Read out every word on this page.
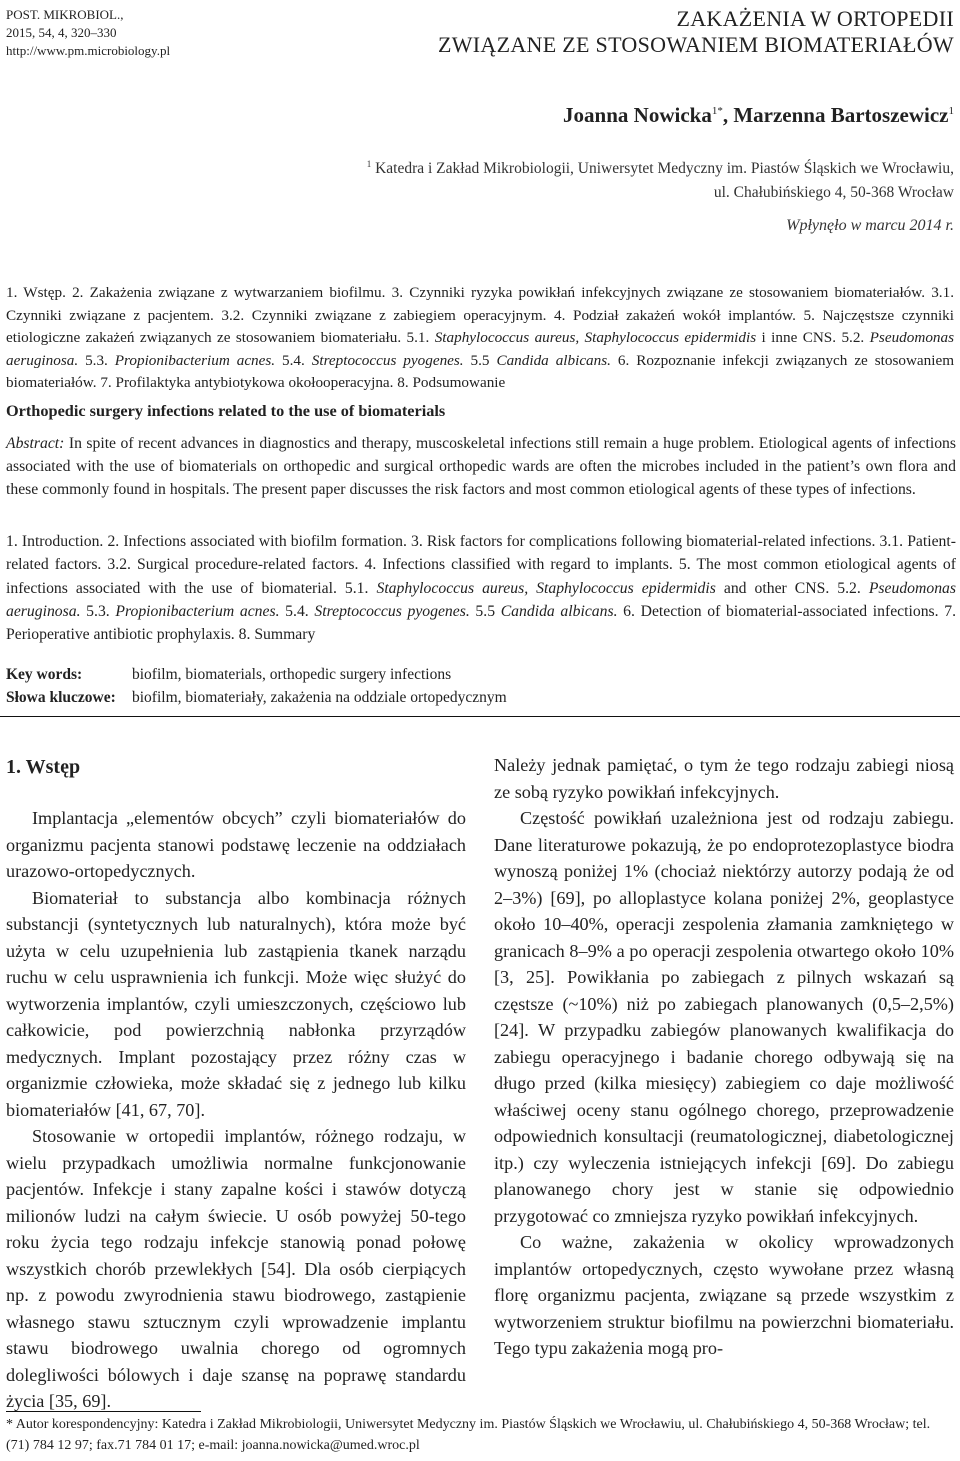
POST. MIKROBIOL.,
2015, 54, 4, 320–330
http://www.pm.microbiology.pl
ZAKAŻENIA W ORTOPEDII
ZWIĄZANE ZE STOSOWANIEM BIOMATERIAŁÓW
Joanna Nowicka$^{1*}$, Marzenna Bartoszewicz$^1$
$^1$ Katedra i Zakład Mikrobiologii, Uniwersytet Medyczny im. Piastów Śląskich we Wrocławiu,
ul. Chałubińskiego 4, 50-368 Wrocław
Wpłynęło w marcu 2014 r.
1. Wstęp. 2. Zakażenia związane z wytwarzaniem biofilmu. 3. Czynniki ryzyka powikłań infekcyjnych związane ze stosowaniem biomateriałów. 3.1. Czynniki związane z pacjentem. 3.2. Czynniki związane z zabiegiem operacyjnym. 4. Podział zakażeń wokół implantów. 5. Najczęstsze czynniki etiologiczne zakażeń związanych ze stosowaniem biomateriału. 5.1. Staphylococcus aureus, Staphylococcus epidermidis i inne CNS. 5.2. Pseudomonas aeruginosa. 5.3. Propionibacterium acnes. 5.4. Streptococcus pyogenes. 5.5 Candida albicans. 6. Rozpoznanie infekcji związanych ze stosowaniem biomateriałów. 7. Profilaktyka antybiotykowa okołooperacyjna. 8. Podsumowanie
Orthopedic surgery infections related to the use of biomaterials
Abstract: In spite of recent advances in diagnostics and therapy, muscoskeletal infections still remain a huge problem. Etiological agents of infections associated with the use of biomaterials on orthopedic and surgical orthopedic wards are often the microbes included in the patient’s own flora and these commonly found in hospitals. The present paper discusses the risk factors and most common etiological agents of these types of infections.
1. Introduction. 2. Infections associated with biofilm formation. 3. Risk factors for complications following biomaterial-related infections. 3.1. Patient-related factors. 3.2. Surgical procedure-related factors. 4. Infections classified with regard to implants. 5. The most common etiological agents of infections associated with the use of biomaterial. 5.1. Staphylococcus aureus, Staphylococcus epidermidis and other CNS. 5.2. Pseudomonas aeruginosa. 5.3. Propionibacterium acnes. 5.4. Streptococcus pyogenes. 5.5 Candida albicans. 6. Detection of biomaterial-associated infections. 7. Perioperative antibiotic prophylaxis. 8. Summary
Key words:	biofilm, biomaterials, orthopedic surgery infections
Słowa kluczowe:	biofilm, biomateriały, zakażenia na oddziale ortopedycznym
1. Wstęp

Implantacja „elementów obcych” czyli biomateriałów do organizmu pacjenta stanowi podstawę leczenie na oddziałach urazowo-ortopedycznych.

Biomateriał to substancja albo kombinacja różnych substancji (syntetycznych lub naturalnych), która może być użyta w celu uzupełnienia lub zastąpienia tkanek narządu ruchu w celu usprawnienia ich funkcji. Może więc służyć do wytworzenia implantów, czyli umieszczonych, częściowo lub całkowicie, pod powierzchnią nabłonka przyrządów medycznych. Implant pozostający przez różny czas w organizmie człowieka, może składać się z jednego lub kilku biomateriałów [41, 67, 70].

Stosowanie w ortopedii implantów, różnego rodzaju, w wielu przypadkach umożliwia normalne funkcjonowanie pacjentów. Infekcje i stany zapalne kości i stawów dotyczą milionów ludzi na całym świecie. U osób powyżej 50-tego roku życia tego rodzaju infekcje stanowią ponad połowę wszystkich chorób przewlekłych [54]. Dla osób cierpiących np. z powodu zwyrodnienia stawu biodrowego, zastąpienie własnego stawu sztucznym czyli wprowadzenie implantu stawu biodrowego uwalnia chorego od ogromnych dolegliwości bólowych i daje szansę na poprawę standardu życia [35, 69].

Należy jednak pamiętać, o tym że tego rodzaju zabiegi niosą ze sobą ryzyko powikłań infekcyjnych.

Częstość powikłań uzależniona jest od rodzaju zabiegu. Dane literaturowe pokazują, że po endoprotezoplastyce biodra wynoszą poniżej 1% (chociaż niektórzy autorzy podają że od 2–3%) [69], po alloplastyce kolana poniżej 2%, geoplastyce około 10–40%, operacji zespolenia złamania zamkniętego w granicach 8–9% a po operacji zespolenia otwartego około 10% [3, 25]. Powikłania po zabiegach z pilnych wskazań są częstsze (~10%) niż po zabiegach planowanych (0,5–2,5%) [24]. W przypadku zabiegów planowanych kwalifikacja do zabiegu operacyjnego i badanie chorego odbywają się na długo przed (kilka miesięcy) zabiegiem co daje możliwość właściwej oceny stanu ogólnego chorego, przeprowadzenie odpowiednich konsultacji (reumatologicznej, diabetologicznej itp.) czy wyleczenia istniejących infekcji [69]. Do zabiegu planowanego chory jest w stanie się odpowiednio przygotować co zmniejsza ryzyko powikłań infekcyjnych.

Co ważne, zakażenia w okolicy wprowadzonych implantów ortopedycznych, często wywołane przez własną florę organizmu pacjenta, związane są przede wszystkim z wytworzeniem struktur biofilmu na powierzchni biomateriału. Tego typu zakażenia mogą pro-

* Autor korespondencyjny: Katedra i Zakład Mikrobiologii, Uniwersytet Medyczny im. Piastów Śląskich we Wrocławiu, ul. Chałubińskiego 4, 50-368 Wrocław; tel. (71) 784 12 97; fax.71 784 01 17; e-mail: joanna.nowicka@umed.wroc.pl
